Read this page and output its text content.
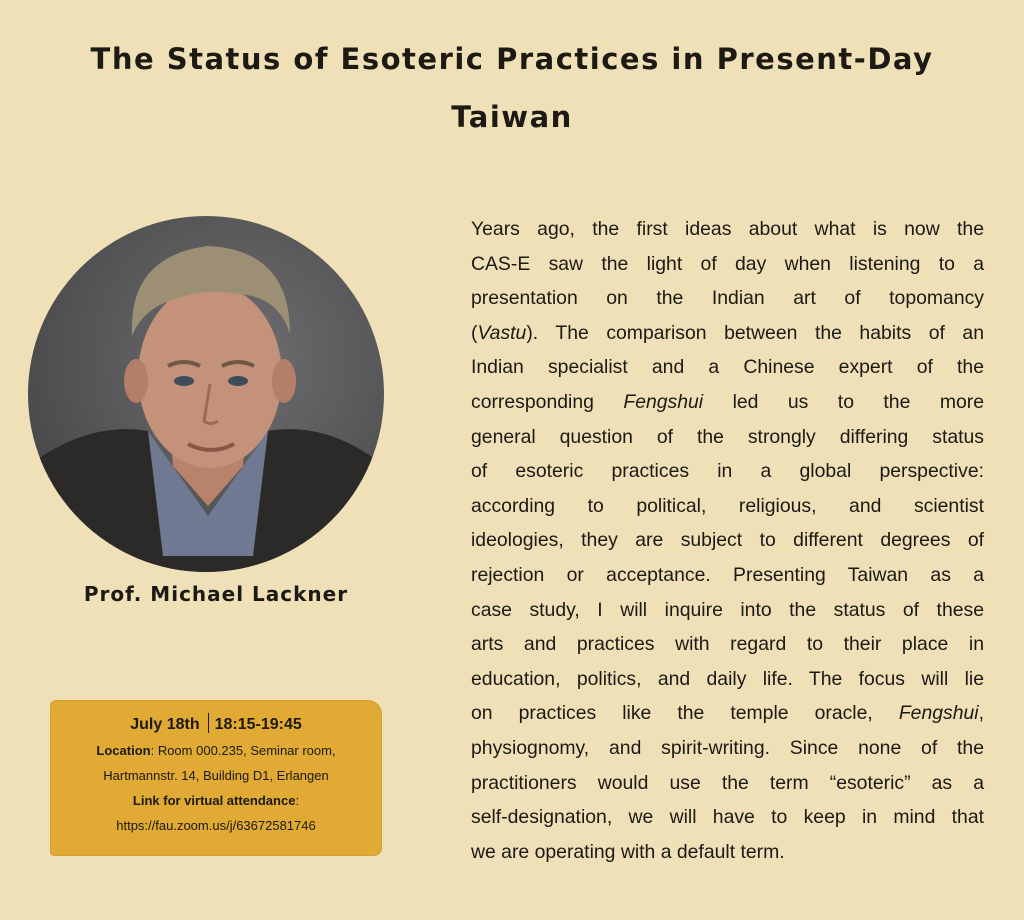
The Status of Esoteric Practices in Present-Day
Taiwan
Prof. Michael Lackner
July 18th 18:15-19:45
Location: Room 000.235, Seminar room,
Hartmannstr. 14, Building D1, Erlangen
Link for virtual attendance:
https://fau.zoom.us/j/63672581746
Years ago, the first ideas about what is now the
CAS-E saw the light of day when listening to a
presentation on the Indian art of topomancy
(Vastu). The comparison between the habits of an
Indian specialist and a Chinese expert of the
corresponding Fengshui led us to the more
general question of the strongly differing status
of esoteric practices in a global perspective:
according to political, religious, and scientist
ideologies, they are subject to different degrees of
rejection or acceptance. Presenting Taiwan as a
case study, I will inquire into the status of these
arts and practices with regard to their place in
education, politics, and daily life. The focus will lie
on practices like the temple oracle, Fengshui,
physiognomy, and spirit-writing. Since none of the
practitioners would use the term “esoteric” as a
self-designation, we will have to keep in mind that
we are operating with a default term.
